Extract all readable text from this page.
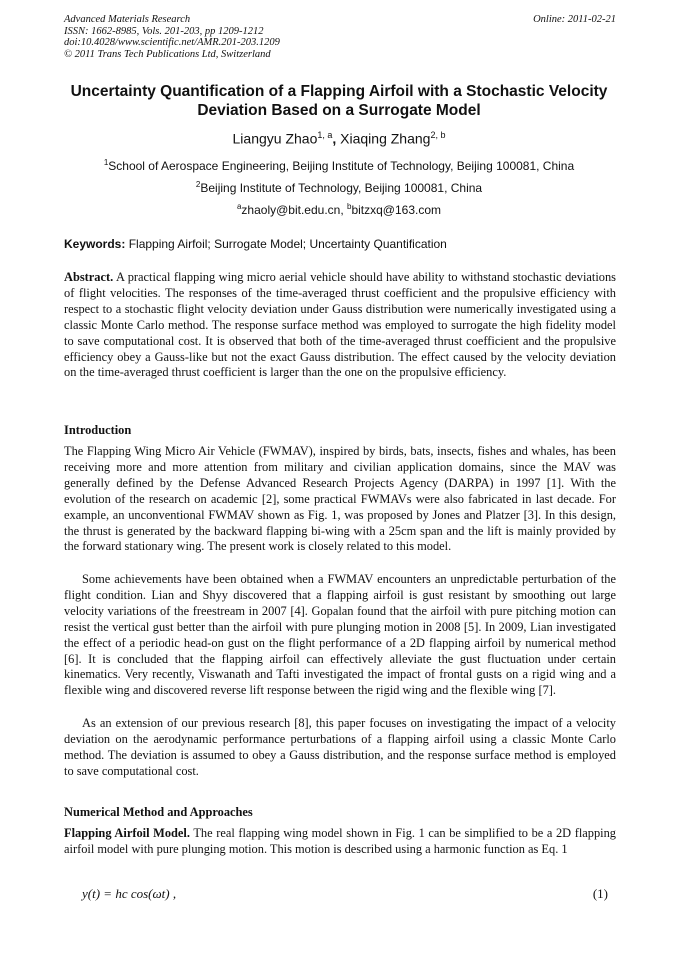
Advanced Materials Research
ISSN: 1662-8985, Vols. 201-203, pp 1209-1212
doi:10.4028/www.scientific.net/AMR.201-203.1209
© 2011 Trans Tech Publications Ltd, Switzerland
Online: 2011-02-21
Uncertainty Quantification of a Flapping Airfoil with a Stochastic Velocity
Deviation Based on a Surrogate Model
Liangyu Zhao$^{1, a}$, Xiaqing Zhang$^{2, b}$
$^1$School of Aerospace Engineering, Beijing Institute of Technology, Beijing 100081, China
$^2$Beijing Institute of Technology, Beijing 100081, China
$^a$zhaoly@bit.edu.cn, $^b$bitzxq@163.com
Keywords: Flapping Airfoil; Surrogate Model; Uncertainty Quantification
Abstract. A practical flapping wing micro aerial vehicle should have ability to withstand stochastic deviations of flight velocities. The responses of the time-averaged thrust coefficient and the propulsive efficiency with respect to a stochastic flight velocity deviation under Gauss distribution were numerically investigated using a classic Monte Carlo method. The response surface method was employed to surrogate the high fidelity model to save computational cost. It is observed that both of the time-averaged thrust coefficient and the propulsive efficiency obey a Gauss-like but not the exact Gauss distribution. The effect caused by the velocity deviation on the time-averaged thrust coefficient is larger than the one on the propulsive efficiency.
Introduction
The Flapping Wing Micro Air Vehicle (FWMAV), inspired by birds, bats, insects, fishes and whales, has been receiving more and more attention from military and civilian application domains, since the MAV was generally defined by the Defense Advanced Research Projects Agency (DARPA) in 1997 [1]. With the evolution of the research on academic [2], some practical FWMAVs were also fabricated in last decade. For example, an unconventional FWMAV shown as Fig. 1, was proposed by Jones and Platzer [3]. In this design, the thrust is generated by the backward flapping bi-wing with a 25cm span and the lift is mainly provided by the forward stationary wing. The present work is closely related to this model.
Some achievements have been obtained when a FWMAV encounters an unpredictable perturbation of the flight condition. Lian and Shyy discovered that a flapping airfoil is gust resistant by smoothing out large velocity variations of the freestream in 2007 [4]. Gopalan found that the airfoil with pure pitching motion can resist the vertical gust better than the airfoil with pure plunging motion in 2008 [5]. In 2009, Lian investigated the effect of a periodic head-on gust on the flight performance of a 2D flapping airfoil by numerical method [6]. It is concluded that the flapping airfoil can effectively alleviate the gust fluctuation under certain kinematics. Very recently, Viswanath and Tafti investigated the impact of frontal gusts on a rigid wing and a flexible wing and discovered reverse lift response between the rigid wing and the flexible wing [7].
As an extension of our previous research [8], this paper focuses on investigating the impact of a velocity deviation on the aerodynamic performance perturbations of a flapping airfoil using a classic Monte Carlo method. The deviation is assumed to obey a Gauss distribution, and the response surface method is employed to save computational cost.
Numerical Method and Approaches
Flapping Airfoil Model. The real flapping wing model shown in Fig. 1 can be simplified to be a 2D flapping airfoil model with pure plunging motion. This motion is described using a harmonic function as Eq. 1
y(t) = hc cos(ωt) ,	(1)
